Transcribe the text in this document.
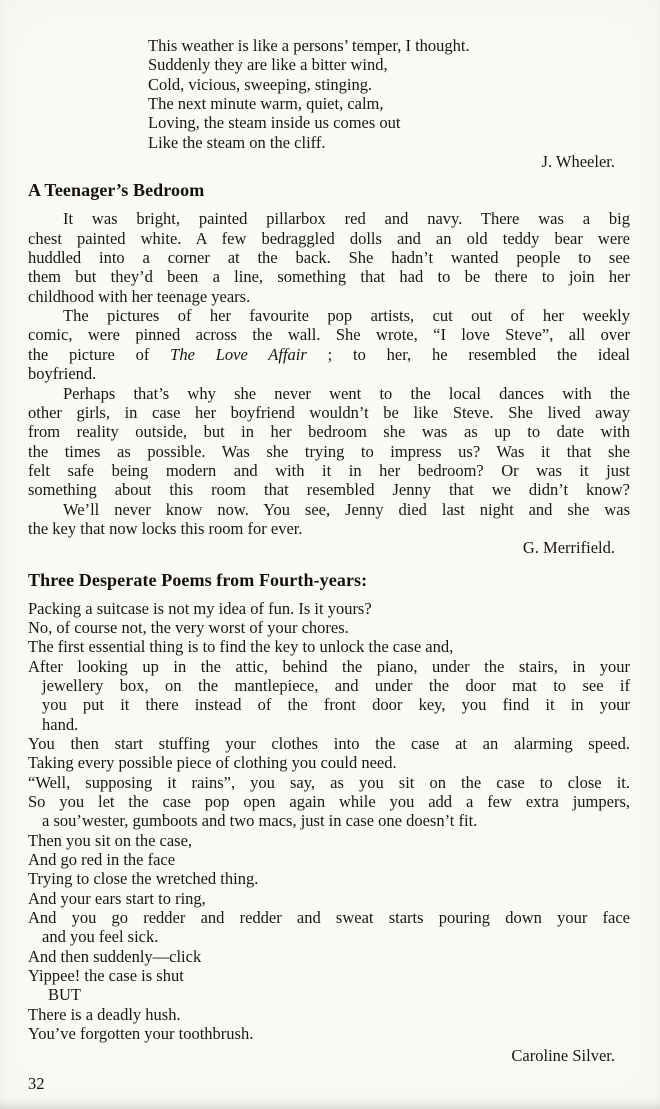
This weather is like a persons’ temper, I thought.
Suddenly they are like a bitter wind,
Cold, vicious, sweeping, stinging.
The next minute warm, quiet, calm,
Loving, the steam inside us comes out
Like the steam on the cliff.
J. Wheeler.
A Teenager’s Bedroom
It was bright, painted pillarbox red and navy. There was a big
chest painted white. A few bedraggled dolls and an old teddy bear were
huddled into a corner at the back. She hadn’t wanted people to see
them but they’d been a line, something that had to be there to join her
childhood with her teenage years.
The pictures of her favourite pop artists, cut out of her weekly
comic, were pinned across the wall. She wrote, “I love Steve”, all over
the picture of The Love Affair ; to her, he resembled the ideal
boyfriend.
Perhaps that’s why she never went to the local dances with the
other girls, in case her boyfriend wouldn’t be like Steve. She lived away
from reality outside, but in her bedroom she was as up to date with
the times as possible. Was she trying to impress us? Was it that she
felt safe being modern and with it in her bedroom? Or was it just
something about this room that resembled Jenny that we didn’t know?
We’ll never know now. You see, Jenny died last night and she was
the key that now locks this room for ever.
G. Merrifield.
Three Desperate Poems from Fourth-years:
Packing a suitcase is not my idea of fun. Is it yours?
No, of course not, the very worst of your chores.
The first essential thing is to find the key to unlock the case and,
After looking up in the attic, behind the piano, under the stairs, in your
jewellery box, on the mantlepiece, and under the door mat to see if
you put it there instead of the front door key, you find it in your
hand.
You then start stuffing your clothes into the case at an alarming speed.
Taking every possible piece of clothing you could need.
“Well, supposing it rains”, you say, as you sit on the case to close it.
So you let the case pop open again while you add a few extra jumpers,
a sou’wester, gumboots and two macs, just in case one doesn’t fit.
Then you sit on the case,
And go red in the face
Trying to close the wretched thing.
And your ears start to ring,
And you go redder and redder and sweat starts pouring down your face
and you feel sick.
And then suddenly—click
Yippee! the case is shut
BUT
There is a deadly hush.
You’ve forgotten your toothbrush.
Caroline Silver.
32
